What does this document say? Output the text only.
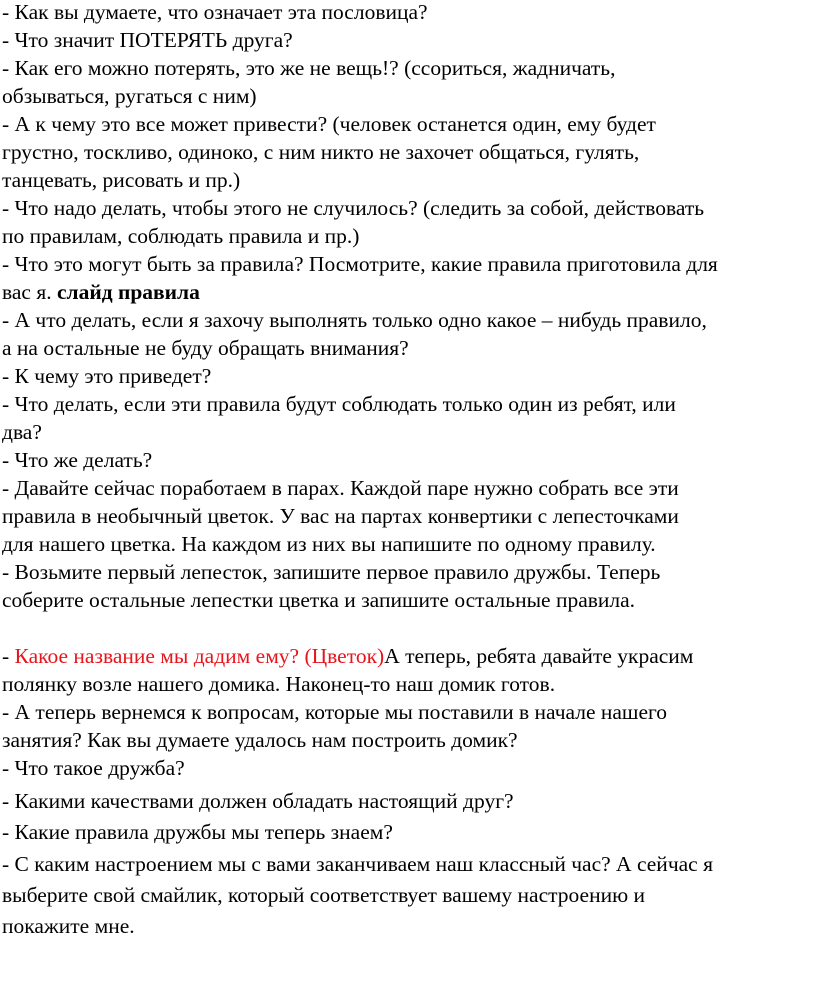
- Как вы думаете, что означает эта пословица?

- Что значит ПОТЕРЯТЬ друга?

- Как его можно потерять, это же не вещь!? (ссориться, жадничать,
обзываться, ругаться с ним)

- А к чему это все может привести? (человек останется один, ему будет
грустно, тоскливо, одиноко, с ним никто не захочет общаться, гулять,
танцевать, рисовать и пр.)

- Что надо делать, чтобы этого не случилось? (следить за собой, действовать
по правилам, соблюдать правила и пр.)

- Что это могут быть за правила? Посмотрите, какие правила приготовила для
вас я. слайд правила

- А что делать, если я захочу выполнять только одно какое – нибудь правило,
а на остальные не буду обращать внимания?

- К чему это приведет?

- Что делать, если эти правила будут соблюдать только один из ребят, или
два?

- Что же делать?

- Давайте сейчас поработаем в парах. Каждой паре нужно собрать все эти
правила в необычный цветок. У вас на партах конвертики с лепесточками
для нашего цветка. На каждом из них вы напишите по одному правилу.

- Возьмите первый лепесток, запишите первое правило дружбы. Теперь
соберите остальные лепестки цветка и запишите остальные правила.

- Какое название мы дадим ему? (Цветок)А теперь, ребята давайте украсим
полянку возле нашего домика. Наконец-то наш домик готов.

- А теперь вернемся к вопросам, которые мы поставили в начале нашего
занятия? Как вы думаете удалось нам построить домик?

- Что такое дружба?

- Какими качествами должен обладать настоящий друг?

- Какие правила дружбы мы теперь знаем?

- С каким настроением мы с вами заканчиваем наш классный час? А сейчас я
выберите свой смайлик, который соответствует вашему настроению и
покажите мне.
